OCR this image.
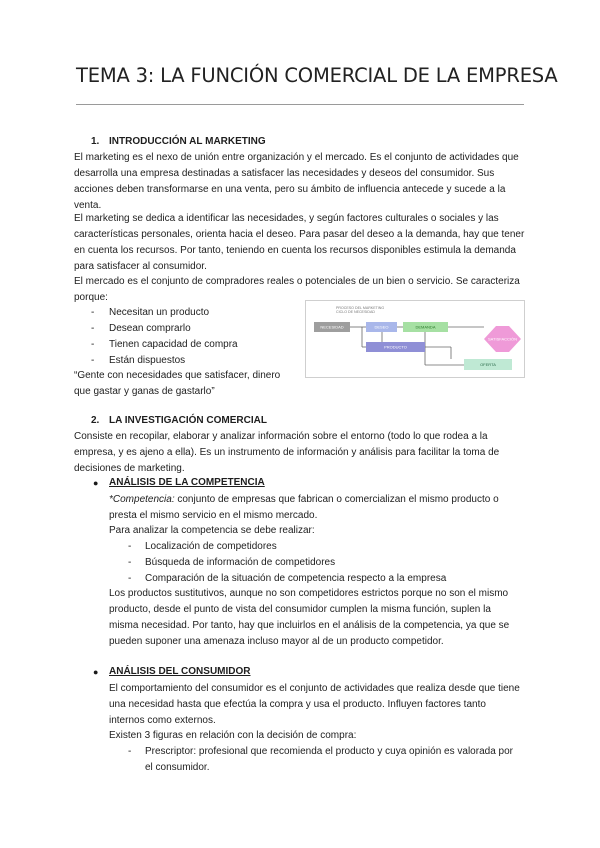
TEMA 3: LA FUNCIÓN COMERCIAL DE LA EMPRESA
1. INTRODUCCIÓN AL MARKETING
El marketing es el nexo de unión entre organización y el mercado. Es el conjunto de actividades que
desarrolla una empresa destinadas a satisfacer las necesidades y deseos del consumidor. Sus
acciones deben transformarse en una venta, pero su ámbito de influencia antecede y sucede a la
venta.
El marketing se dedica a identificar las necesidades, y según factores culturales o sociales y las
características personales, orienta hacia el deseo. Para pasar del deseo a la demanda, hay que tener
en cuenta los recursos. Por tanto, teniendo en cuenta los recursos disponibles estimula la demanda
para satisfacer al consumidor.
El mercado es el conjunto de compradores reales o potenciales de un bien o servicio. Se caracteriza
porque:
- Necesitan un producto
- Desean comprarlo
- Tienen capacidad de compra
- Están dispuestos
“Gente con necesidades que satisfacer, dinero
que gastar y ganas de gastarlo”
PROCESO DEL MARKETING
CICLO DE NECESIDAD
NECESIDAD	DESEO	DEMANDA
SATISFACCIÓN
PRODUCTO
OFERTA
2. LA INVESTIGACIÓN COMERCIAL
Consiste en recopilar, elaborar y analizar información sobre el entorno (todo lo que rodea a la
empresa, y es ajeno a ella). Es un instrumento de información y análisis para facilitar la toma de
decisiones de marketing.
● ANÁLISIS DE LA COMPETENCIA
*Competencia: conjunto de empresas que fabrican o comercializan el mismo producto o
presta el mismo servicio en el mismo mercado.
Para analizar la competencia se debe realizar:
- Localización de competidores
- Búsqueda de información de competidores
- Comparación de la situación de competencia respecto a la empresa
Los productos sustitutivos, aunque no son competidores estrictos porque no son el mismo
producto, desde el punto de vista del consumidor cumplen la misma función, suplen la
misma necesidad. Por tanto, hay que incluirlos en el análisis de la competencia, ya que se
pueden suponer una amenaza incluso mayor al de un producto competidor.
● ANÁLISIS DEL CONSUMIDOR
El comportamiento del consumidor es el conjunto de actividades que realiza desde que tiene
una necesidad hasta que efectúa la compra y usa el producto. Influyen factores tanto
internos como externos.
Existen 3 figuras en relación con la decisión de compra:
- Prescriptor: profesional que recomienda el producto y cuya opinión es valorada por
el consumidor.
